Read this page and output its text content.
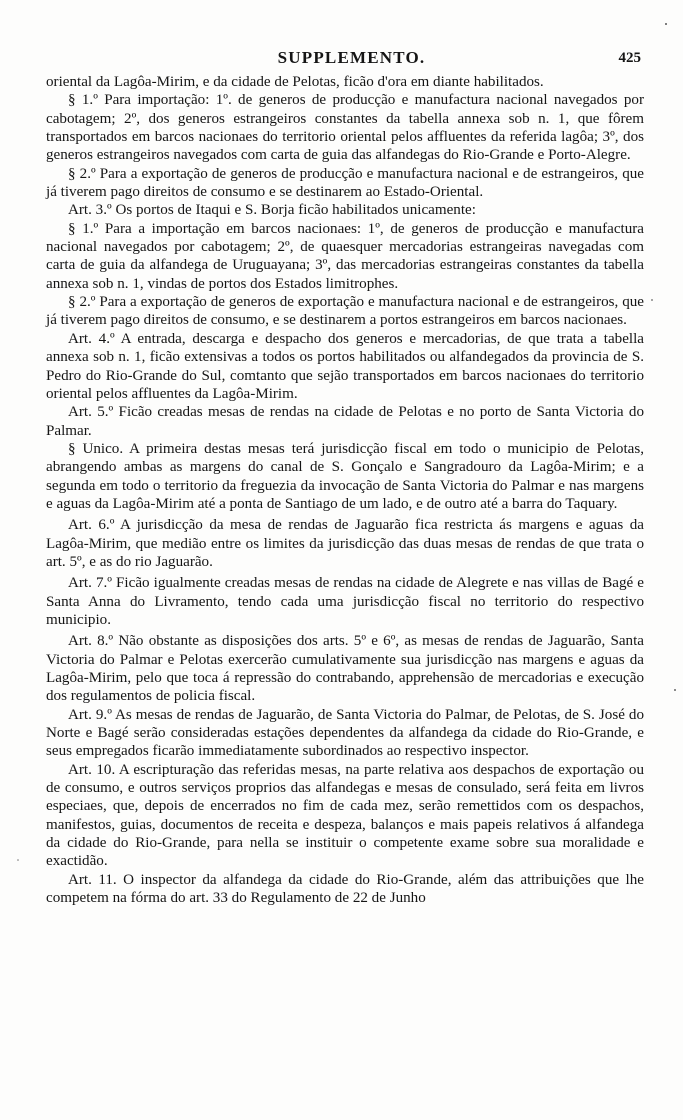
SUPPLEMENTO.	425

oriental da Lagôa-Mirim, e da cidade de Pelotas, ficão d'ora em diante habilitados.

§ 1.º Para importação: 1º. de generos de producção e manufactura nacional navegados por cabotagem; 2º, dos generos estrangeiros constantes da tabella annexa sob n. 1, que fôrem transportados em barcos nacionaes do territorio oriental pelos affluentes da referida lagôa; 3º, dos generos estrangeiros navegados com carta de guia das alfandegas do Rio-Grande e Porto-Alegre.

§ 2.º Para a exportação de generos de producção e manufactura nacional e de estrangeiros, que já tiverem pago direitos de consumo e se destinarem ao Estado-Oriental.

Art. 3.º Os portos de Itaqui e S. Borja ficão habilitados unicamente:

§ 1.º Para a importação em barcos nacionaes: 1º, de generos de producção e manufactura nacional navegados por cabotagem; 2º, de quaesquer mercadorias estrangeiras navegadas com carta de guia da alfandega de Uruguayana; 3º, das mercadorias estrangeiras constantes da tabella annexa sob n. 1, vindas de portos dos Estados limitrophes.

§ 2.º Para a exportação de generos de exportação e manufactura nacional e de estrangeiros, que já tiverem pago direitos de consumo, e se destinarem a portos estrangeiros em barcos nacionaes.

Art. 4.º A entrada, descarga e despacho dos generos e mercadorias, de que trata a tabella annexa sob n. 1, ficão extensivas a todos os portos habilitados ou alfandegados da provincia de S. Pedro do Rio-Grande do Sul, comtanto que sejão transportados em barcos nacionaes do territorio oriental pelos affluentes da Lagôa-Mirim.

Art. 5.º Ficão creadas mesas de rendas na cidade de Pelotas e no porto de Santa Victoria do Palmar.

§ Unico. A primeira destas mesas terá jurisdicção fiscal em todo o municipio de Pelotas, abrangendo ambas as margens do canal de S. Gonçalo e Sangradouro da Lagôa-Mirim; e a segunda em todo o territorio da freguezia da invocação de Santa Victoria do Palmar e nas margens e aguas da Lagôa-Mirim até a ponta de Santiago de um lado, e de outro até a barra do Taquary.

Art. 6.º A jurisdicção da mesa de rendas de Jaguarão fica restricta ás margens e aguas da Lagôa-Mirim, que medião entre os limites da jurisdicção das duas mesas de rendas de que trata o art. 5º, e as do rio Jaguarão.

Art. 7.º Ficão igualmente creadas mesas de rendas na cidade de Alegrete e nas villas de Bagé e Santa Anna do Livramento, tendo cada uma jurisdicção fiscal no territorio do respectivo municipio.

Art. 8.º Não obstante as disposições dos arts. 5º e 6º, as mesas de rendas de Jaguarão, Santa Victoria do Palmar e Pelotas exercerão cumulativamente sua jurisdicção nas margens e aguas da Lagôa-Mirim, pelo que toca á repressão do contrabando, apprehensão de mercadorias e execução dos regulamentos de policia fiscal.

Art. 9.º As mesas de rendas de Jaguarão, de Santa Victoria do Palmar, de Pelotas, de S. José do Norte e Bagé serão consideradas estações dependentes da alfandega da cidade do Rio-Grande, e seus empregados ficarão immediatamente subordinados ao respectivo inspector.

Art. 10. A escripturação das referidas mesas, na parte relativa aos despachos de exportação ou de consumo, e outros serviços proprios das alfandegas e mesas de consulado, será feita em livros especiaes, que, depois de encerrados no fim de cada mez, serão remettidos com os despachos, manifestos, guias, documentos de receita e despeza, balanços e mais papeis relativos á alfandega da cidade do Rio-Grande, para nella se instituir o competente exame sobre sua moralidade e exactidão.

Art. 11. O inspector da alfandega da cidade do Rio-Grande, além das attribuições que lhe competem na fórma do art. 33 do Regulamento de 22 de Junho
